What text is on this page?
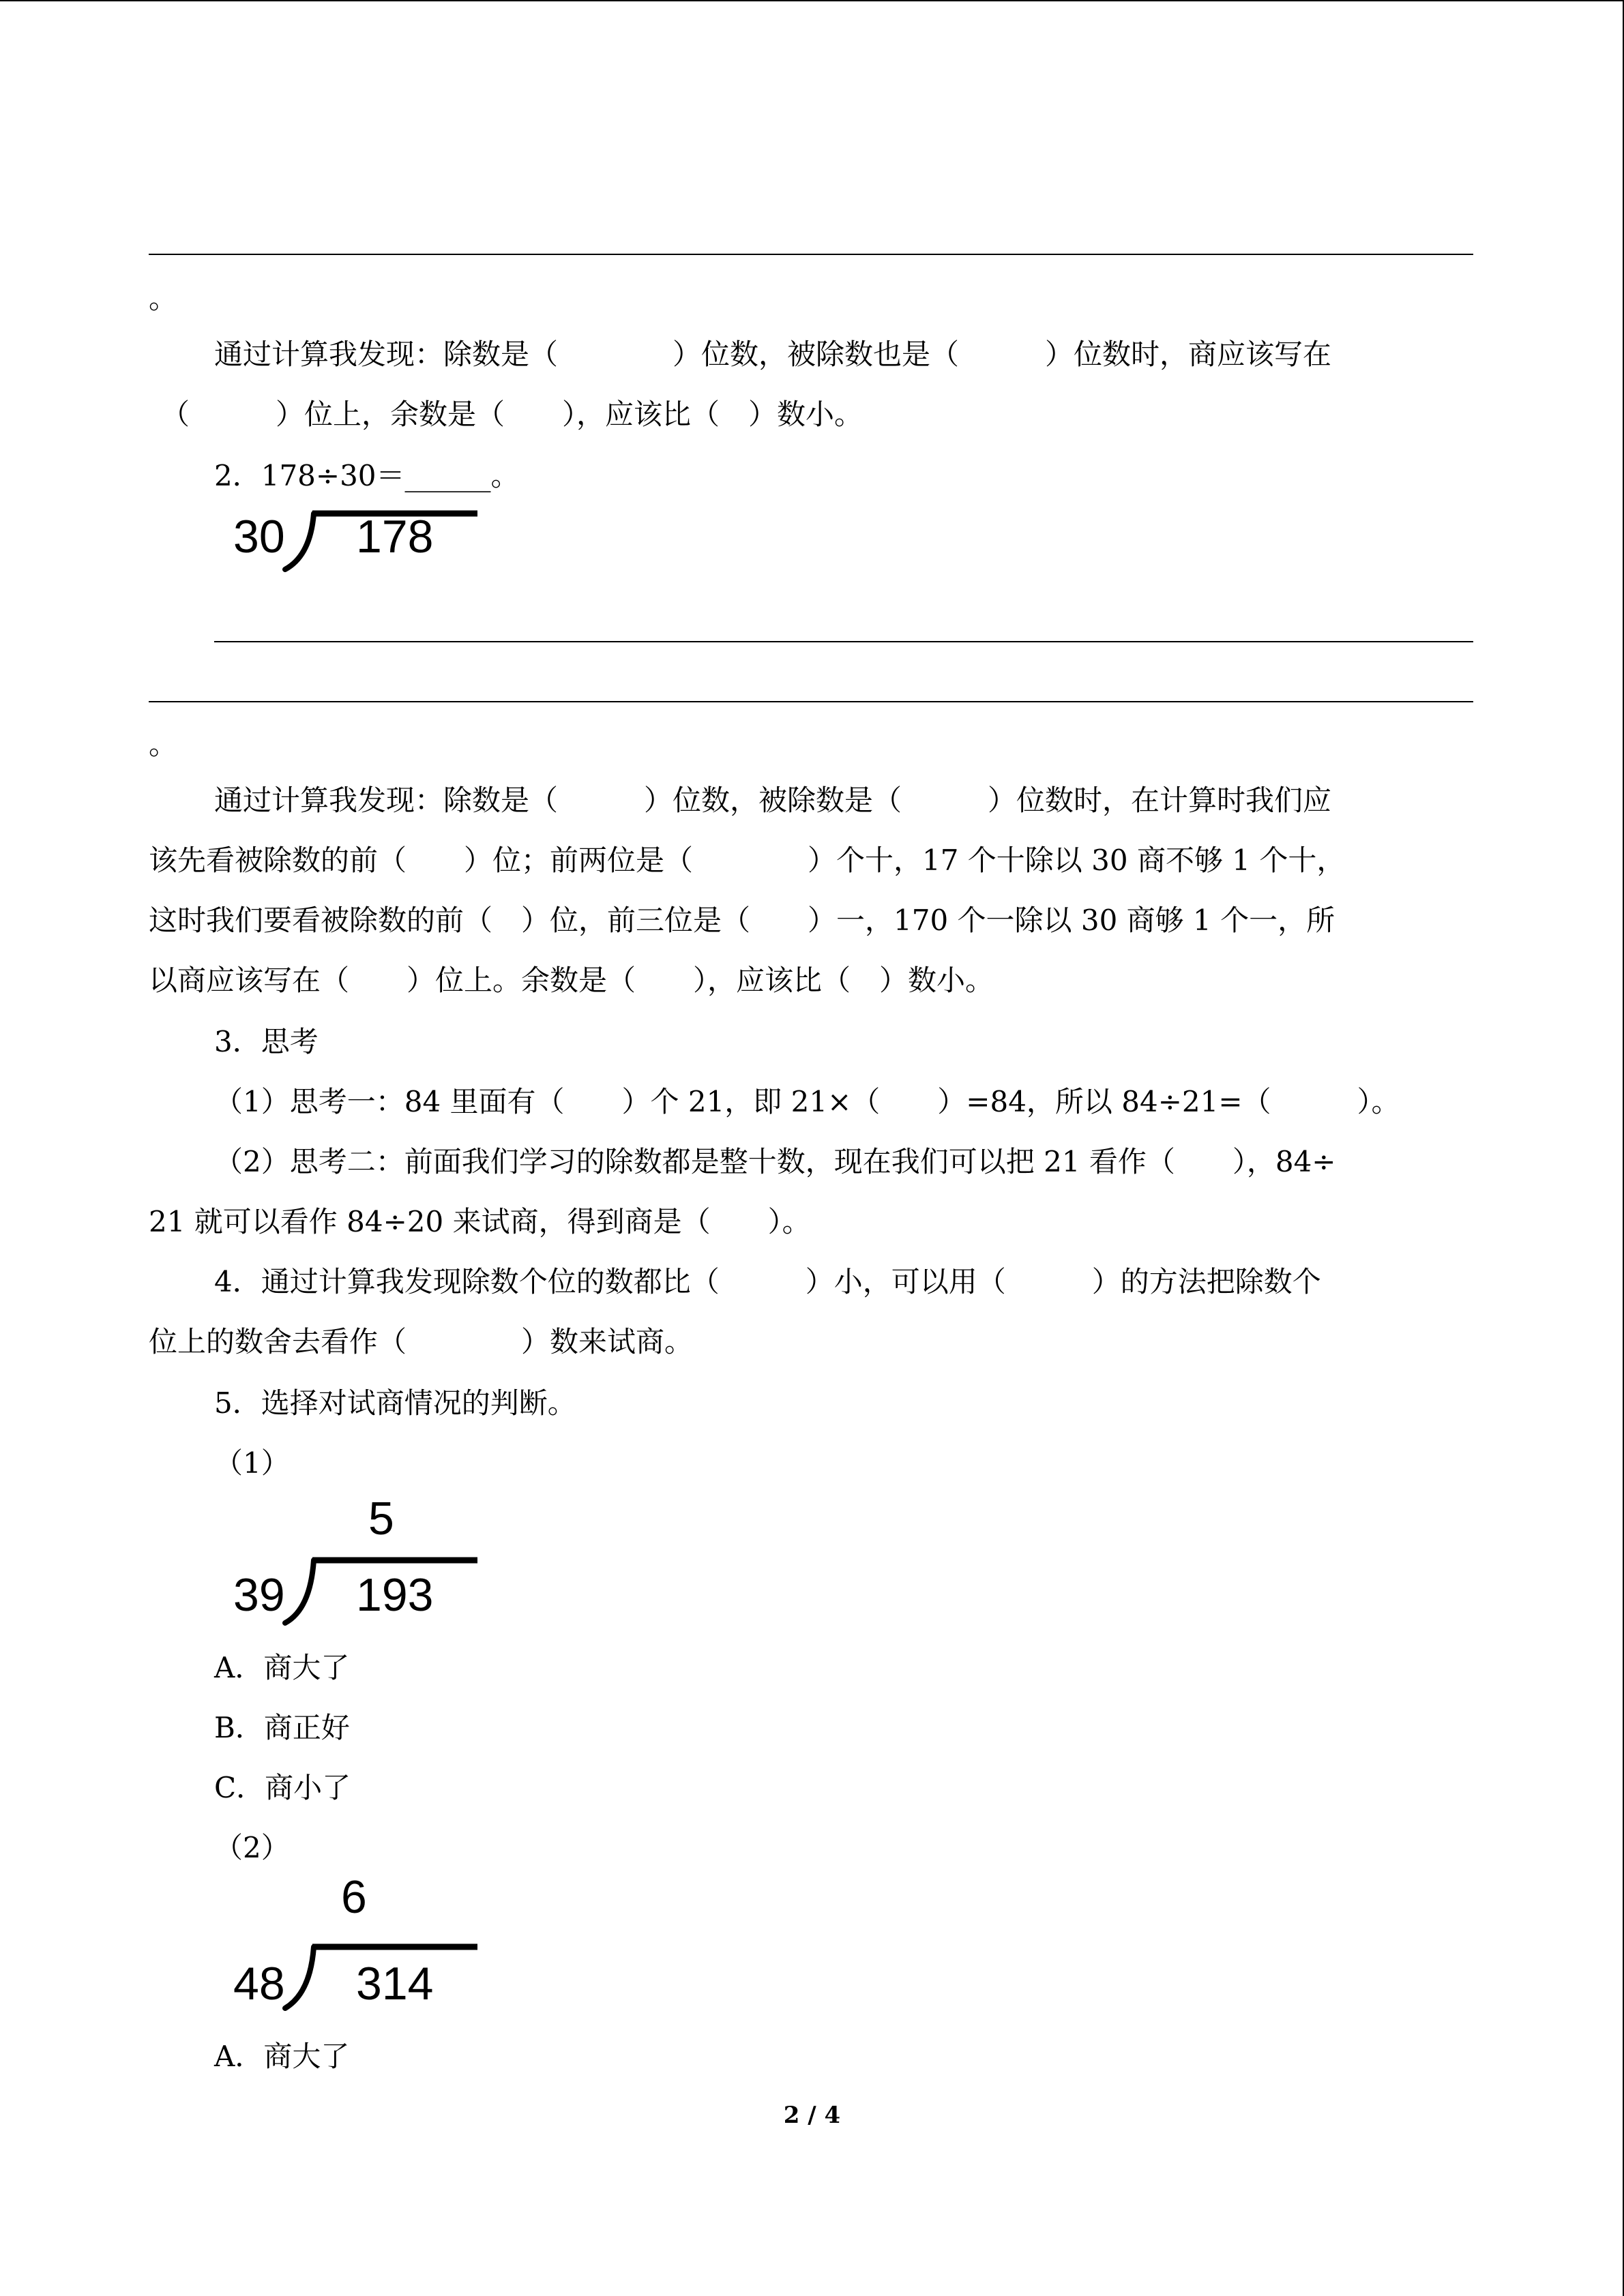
。
通过计算我发现：除数是（　　　　）位数，被除数也是（　　　）位数时，商应该写在
（　　　）位上，余数是（　　），应该比（　）数小。
2．178÷30＝______。
30 178
。
通过计算我发现：除数是（　　　）位数，被除数是（　　　）位数时，在计算时我们应
该先看被除数的前（　　）位；前两位是（　　　　）个十，17 个十除以 30 商不够 1 个十，
这时我们要看被除数的前（　）位，前三位是（　　）一，170 个一除以 30 商够 1 个一，所
以商应该写在（　　）位上。余数是（　　），应该比（　）数小。
3．思考
（1）思考一：84 里面有（　　）个 21，即 21×（　　）=84，所以 84÷21=（　　　）。
（2）思考二：前面我们学习的除数都是整十数，现在我们可以把 21 看作（　　），84÷
21 就可以看作 84÷20 来试商，得到商是（　　）。
4．通过计算我发现除数个位的数都比（　　　）小，可以用（　　　）的方法把除数个
位上的数舍去看作（　　　　）数来试商。
5．选择对试商情况的判断。
（1）
5
39 193
A．商大了
B．商正好
C．商小了
（2）
6
48 314
A．商大了
2 / 4
